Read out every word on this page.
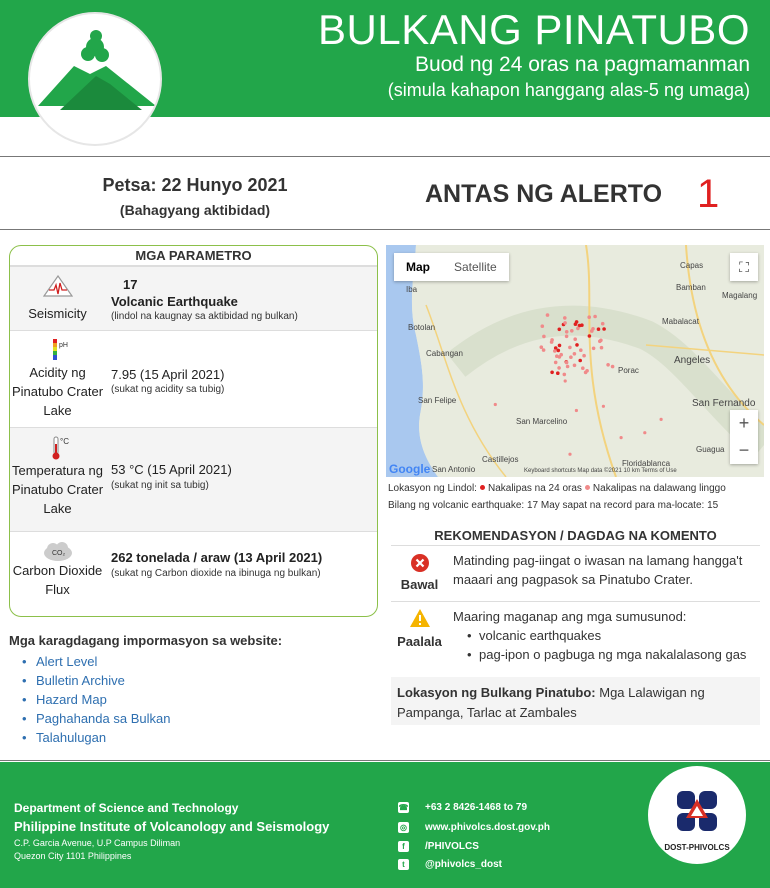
BULKANG PINATUBO
Buod ng 24 oras na pagmamanman
(simula kahapon hanggang alas-5 ng umaga)
Petsa: 22 Hunyo 2021
(Bahagyang aktibidad)
ANTAS NG ALERTO 1
MGA PARAMETRO
Seismicity
17
Volcanic Earthquake
(lindol na kaugnay sa aktibidad ng bulkan)
pH
Acidity ng Pinatubo Crater Lake
7.95 (15 April 2021)
(sukat ng acidity sa tubig)
°C
Temperatura ng Pinatubo Crater Lake
53 °C (15 April 2021)
(sukat ng init sa tubig)
CO₂
Carbon Dioxide Flux
262 tonelada / araw (13 April 2021)
(sukat ng Carbon dioxide na ibinuga ng bulkan)
Mga karagdagang impormasyon sa website:
• Alert Level
• Bulletin Archive
• Hazard Map
• Paghahanda sa Bulkan
• Talahulugan
Map	Satellite	⛶
+
−
Capas
Bamban
Magalang
Mabalacat
Angeles
Porac
Cabangan
San Felipe
San Marcelino
San Fernando
Guagua
Castillejos
San Antonio
Floridablanca
Iba
Botolan
Google	Keyboard shortcuts Map data ©2021 10 km Terms of Use
Lokasyon ng Lindol: Nakalipas na 24 oras Nakalipas na dalawang linggo
Bilang ng volcanic earthquake: 17 May sapat na record para ma-locate: 15
REKOMENDASYON / DAGDAG NA KOMENTO
Bawal
Matinding pag-iingat o iwasan na lamang hangga't maaari ang pagpasok sa Pinatubo Crater.
Paalala
Maaring maganap ang mga sumusunod:
• volcanic earthquakes
• pag-ipon o pagbuga ng mga nakalalasong gas
Lokasyon ng Bulkang Pinatubo: Mga Lalawigan ng Pampanga, Tarlac at Zambales
Department of Science and Technology
Philippine Institute of Volcanology and Seismology
C.P. Garcia Avenue, U.P Campus Diliman
Quezon City 1101 Philippines
☎ +63 2 8426-1468 to 79
◎ www.phivolcs.dost.gov.ph
f /PHIVOLCS
t @phivolcs_dost
DOST-PHIVOLCS
